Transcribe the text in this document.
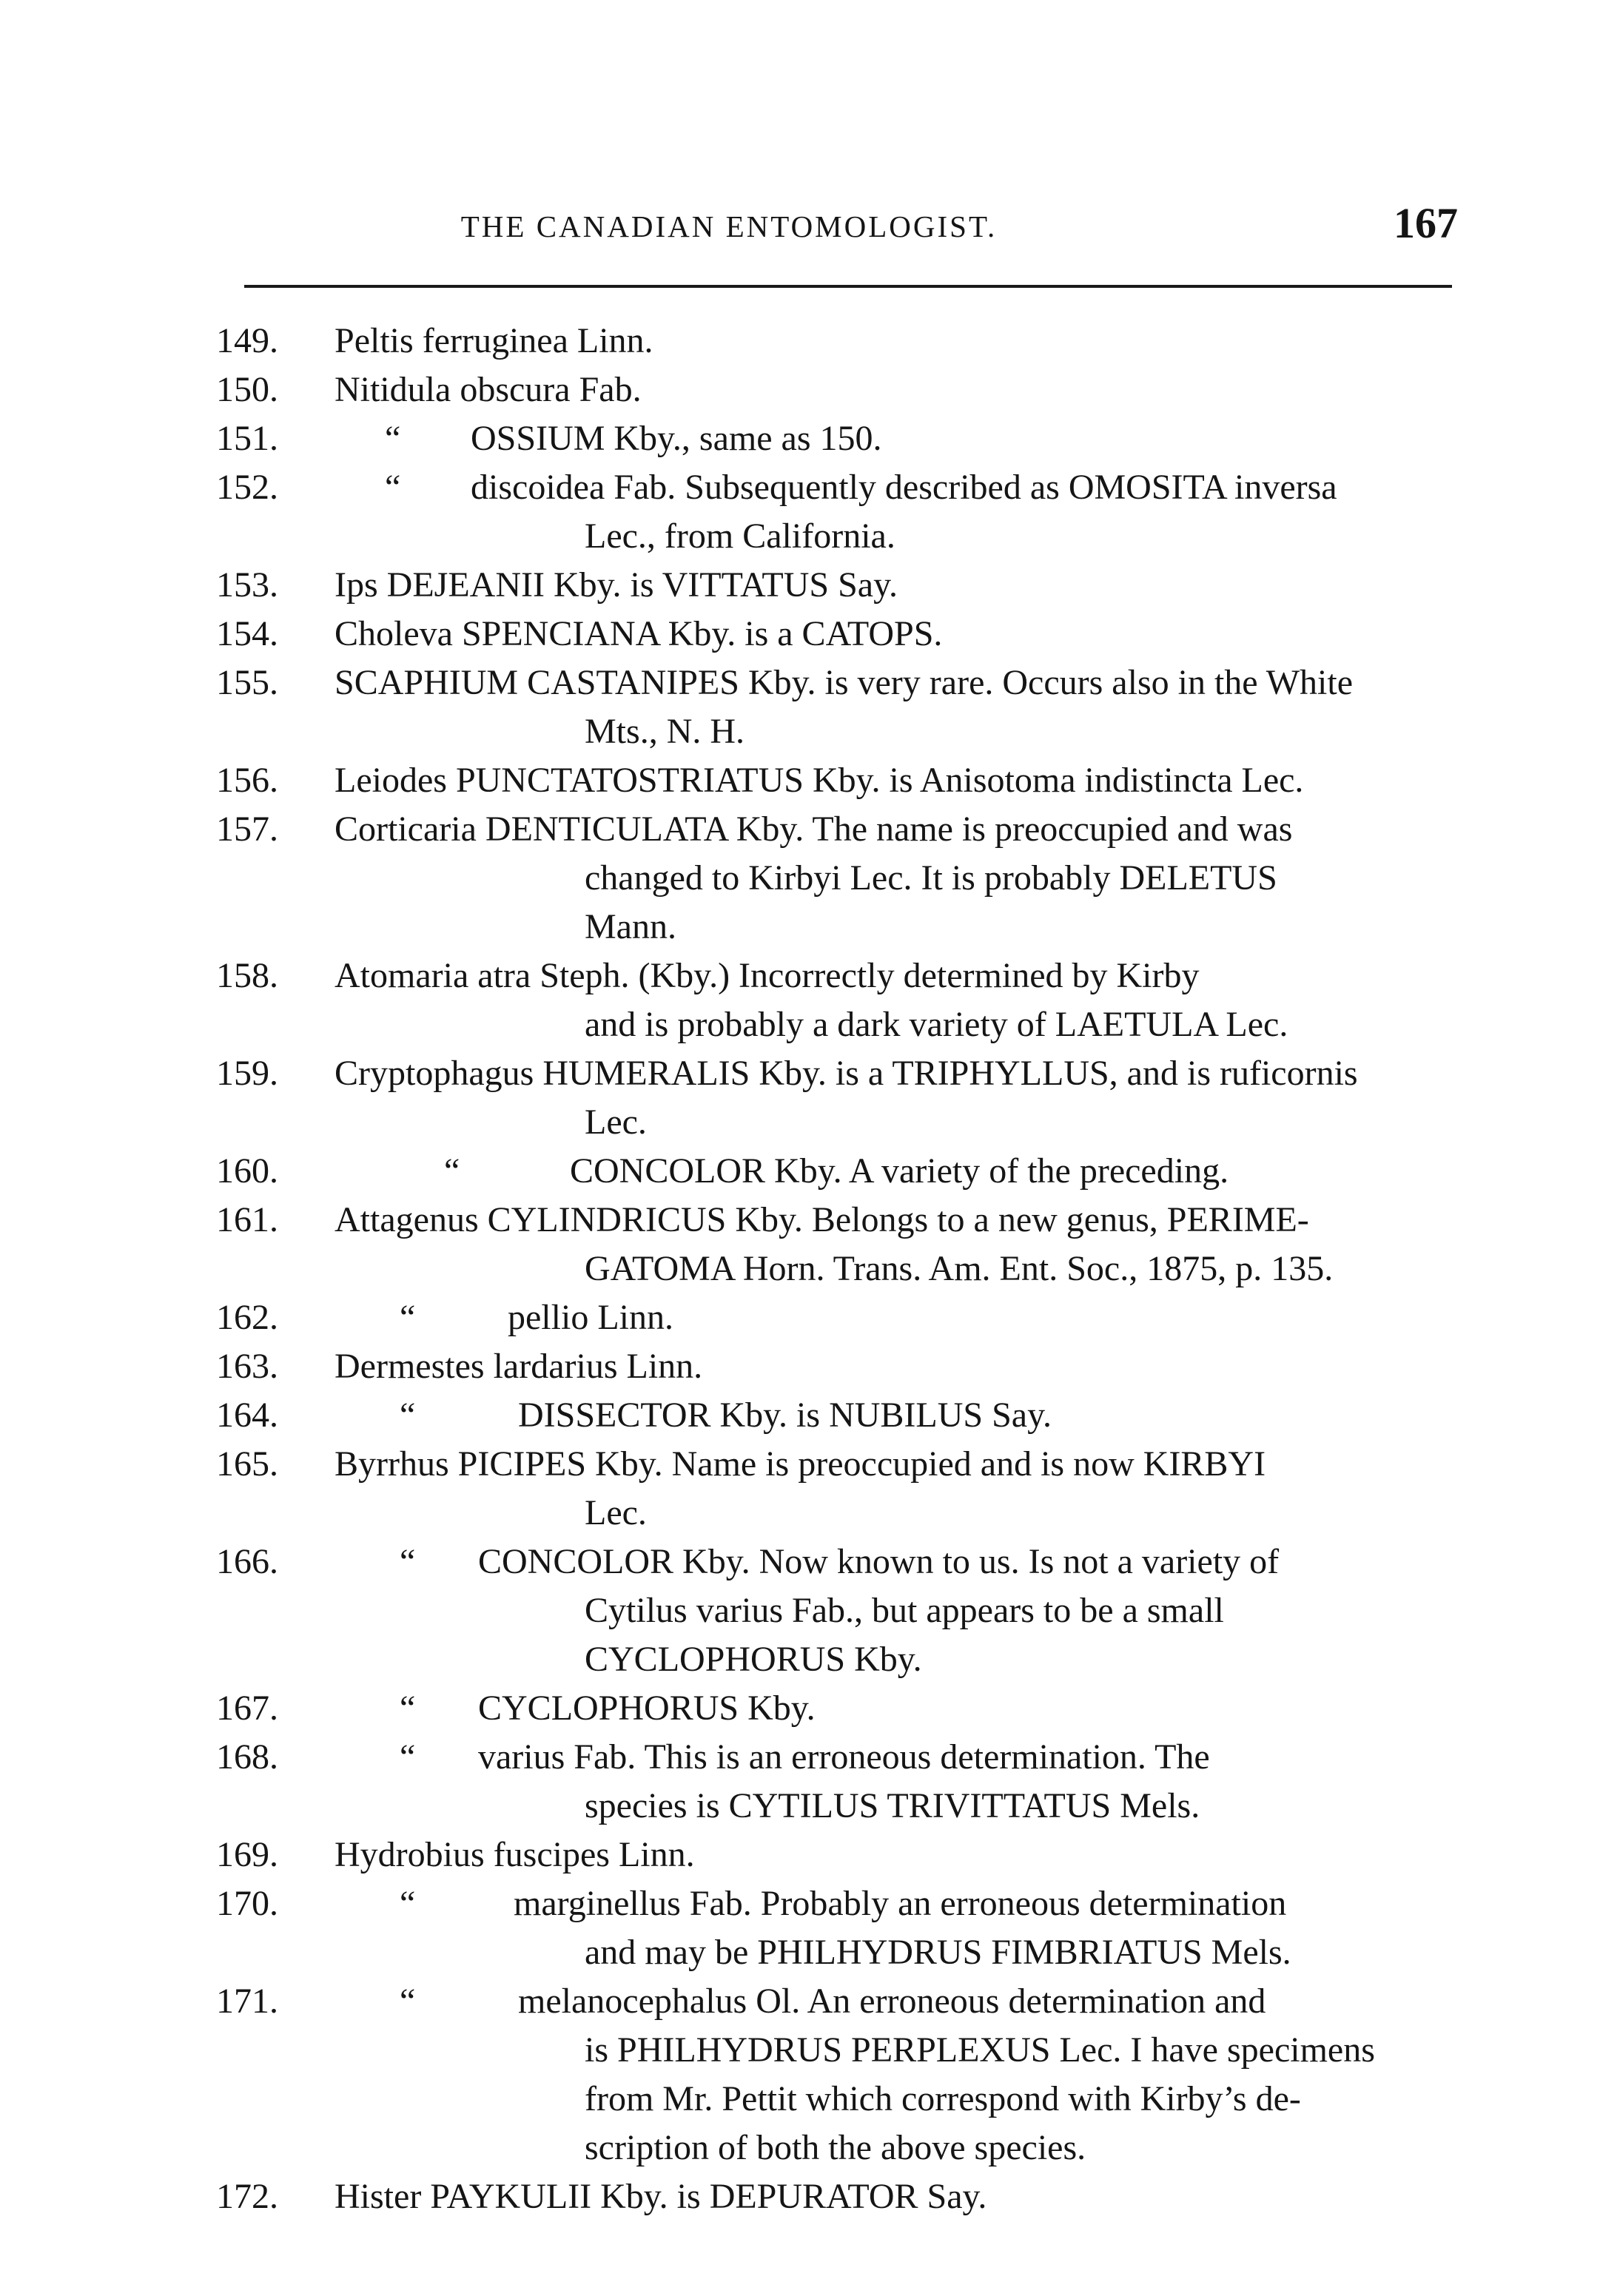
THE CANADIAN ENTOMOLOGIST.	167
149. Peltis ferruginea Linn.
150. Nitidula obscura Fab.
151.	“ OSSIUM Kby., same as 150.
152.	“ discoidea Fab. Subsequently described as OMOSITA inversa
Lec., from California.
153. Ips DEJEANII Kby. is VITTATUS Say.
154. Choleva SPENCIANA Kby. is a CATOPS.
155. SCAPHIUM CASTANIPES Kby. is very rare. Occurs also in the White
Mts., N. H.
156. Leiodes PUNCTATOSTRIATUS Kby. is Anisotoma indistincta Lec.
157. Corticaria DENTICULATA Kby. The name is preoccupied and was
changed to Kirbyi Lec. It is probably DELETUS
Mann.
158. Atomaria atra Steph. (Kby.) Incorrectly determined by Kirby
and is probably a dark variety of LAETULA Lec.
159. Cryptophagus HUMERALIS Kby. is a TRIPHYLLUS, and is ruficornis
Lec.
160.	“	CONCOLOR Kby. A variety of the preceding.
161. Attagenus CYLINDRICUS Kby. Belongs to a new genus, PERIME-
GATOMA Horn. Trans. Am. Ent. Soc., 1875, p. 135.
162.	“	pellio Linn.
163. Dermestes lardarius Linn.
164.	“	DISSECTOR Kby. is NUBILUS Say.
165. Byrrhus PICIPES Kby. Name is preoccupied and is now KIRBYI
Lec.
166.	“ CONCOLOR Kby. Now known to us. Is not a variety of
Cytilus varius Fab., but appears to be a small
CYCLOPHORUS Kby.
167.	“ CYCLOPHORUS Kby.
168.	“ varius Fab. This is an erroneous determination. The
species is CYTILUS TRIVITTATUS Mels.
169. Hydrobius fuscipes Linn.
170.	“	marginellus Fab. Probably an erroneous determination
and may be PHILHYDRUS FIMBRIATUS Mels.
171.	“	melanocephalus Ol. An erroneous determination and
is PHILHYDRUS PERPLEXUS Lec. I have specimens
from Mr. Pettit which correspond with Kirby’s de-
scription of both the above species.
172. Hister PAYKULII Kby. is DEPURATOR Say.
